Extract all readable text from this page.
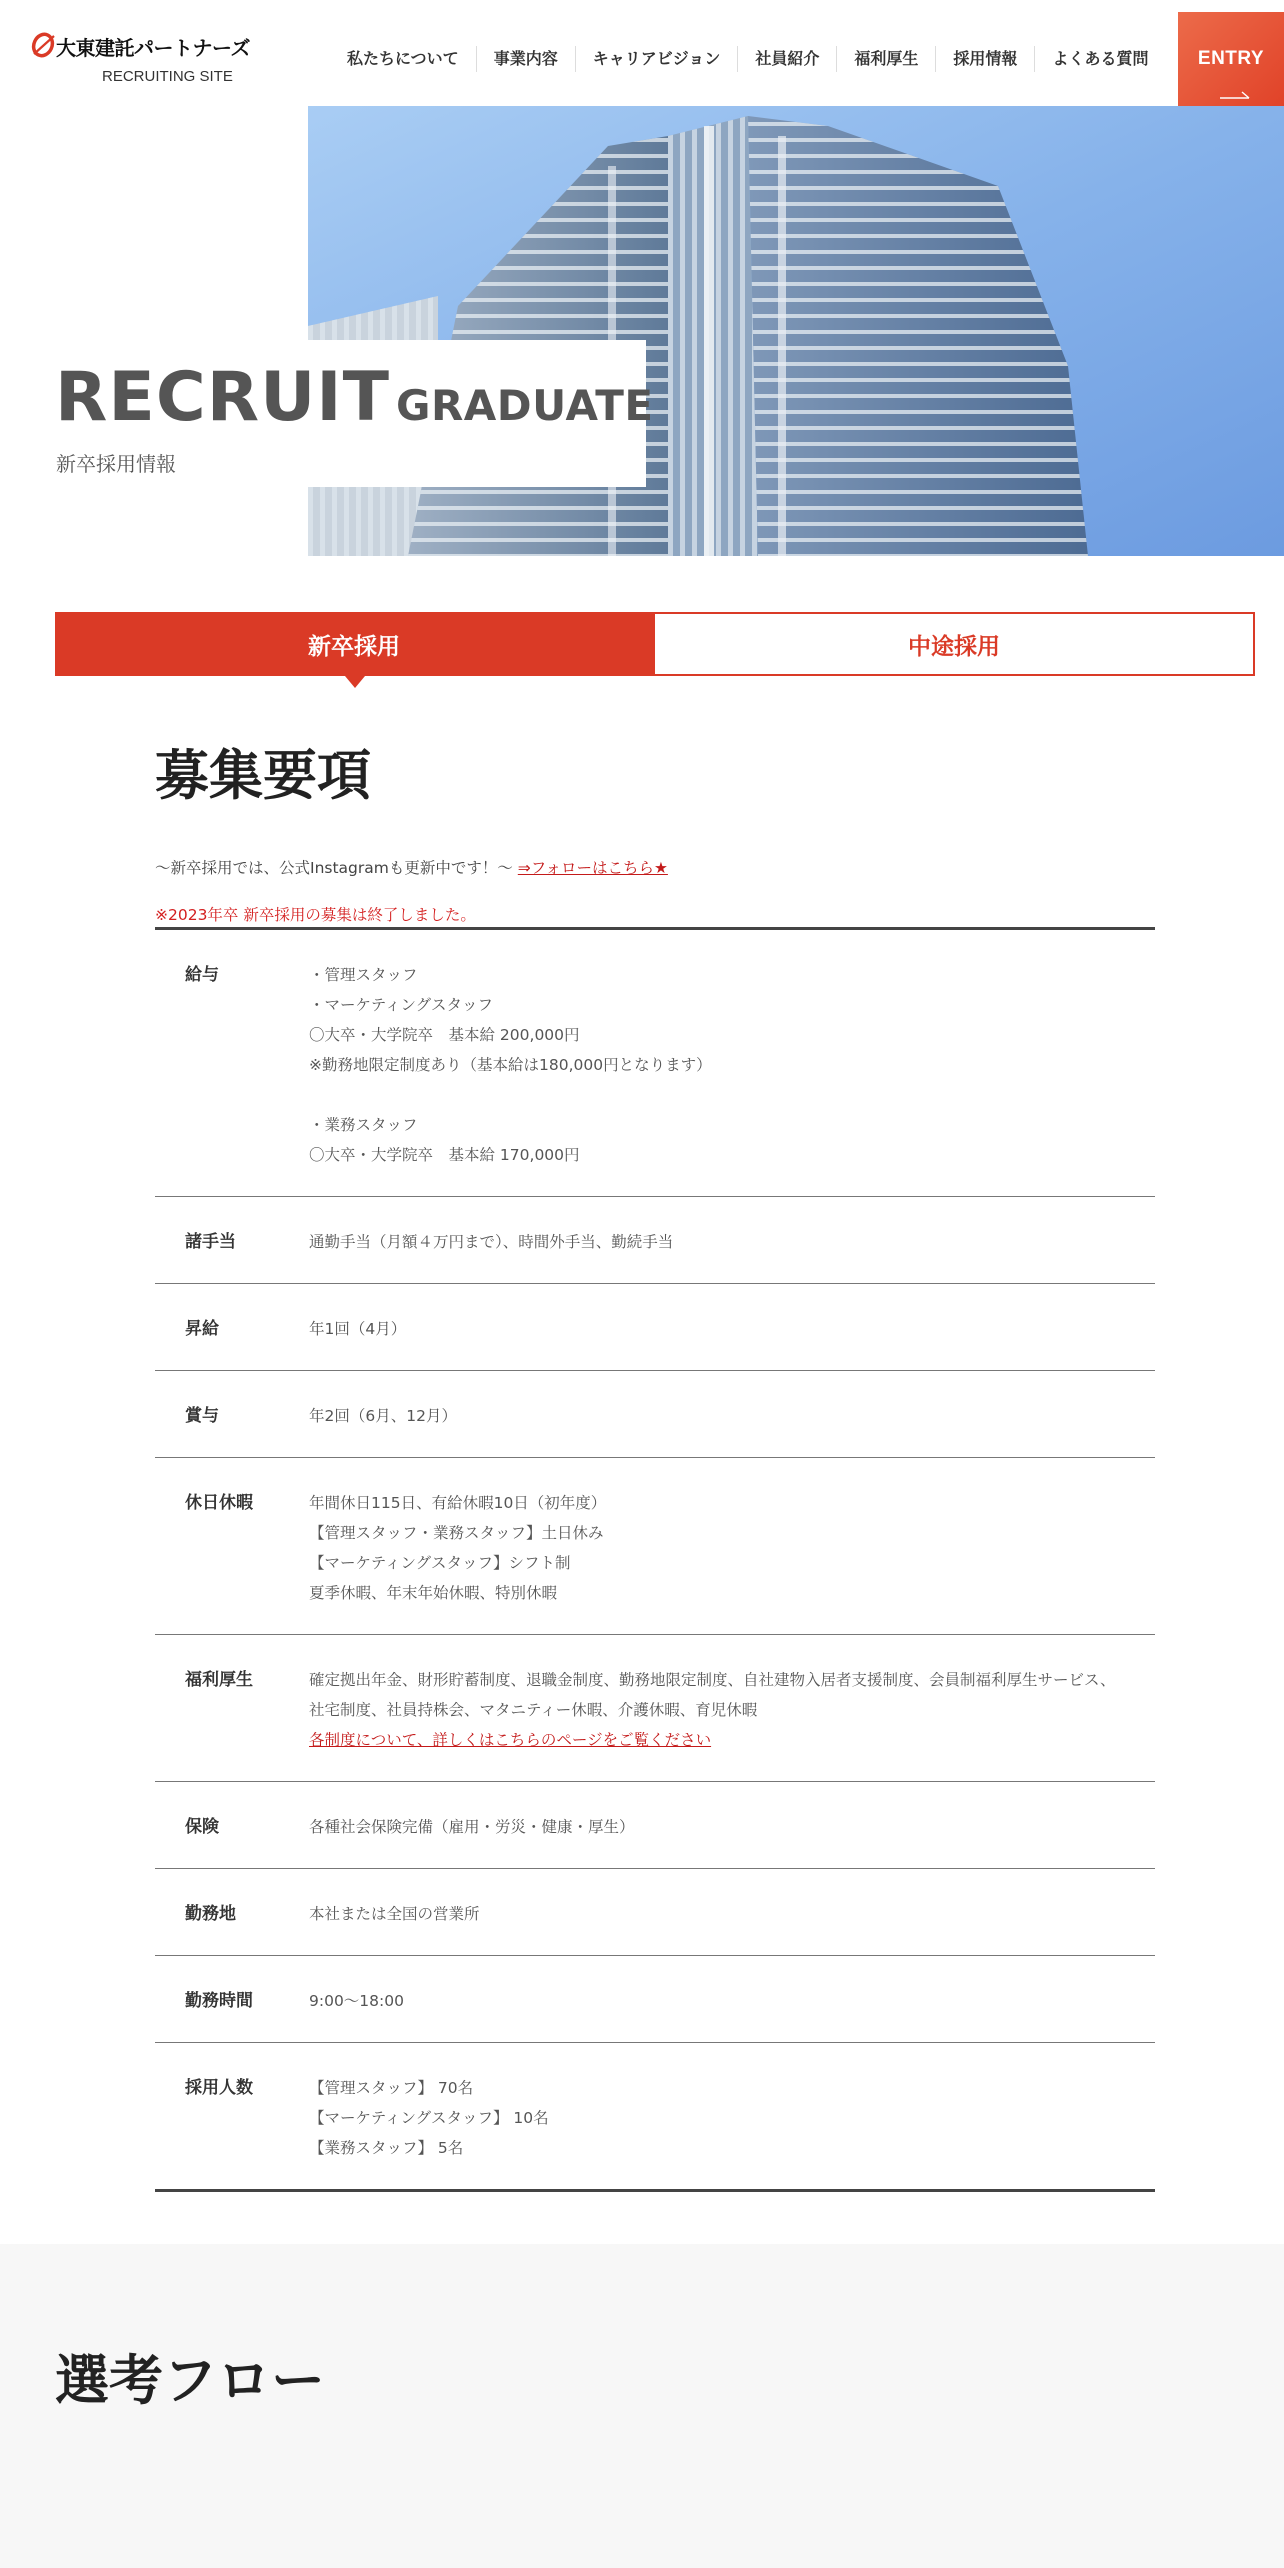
大東建託パートナーズ
RECRUITING SITE
私たちについて	事業内容	キャリアビジョン	社員紹介	福利厚生	採用情報	よくある質問	ENTRY
RECRUIT GRADUATE
新卒採用情報
新卒採用	中途採用
募集要項

～新卒採用では、公式Instagramも更新中です！～ ⇒フォローはこちら★

※2023年卒 新卒採用の募集は終了しました。

給与	・管理スタッフ
・マーケティングスタッフ
〇大卒・大学院卒　基本給 200,000円
※勤務地限定制度あり（基本給は180,000円となります）
・業務スタッフ
〇大卒・大学院卒　基本給 170,000円
諸手当	通勤手当（月額４万円まで）、時間外手当、勤続手当
昇給	年1回（4月）
賞与	年2回（6月、12月）
休日休暇	年間休日115日、有給休暇10日（初年度）
【管理スタッフ・業務スタッフ】土日休み
【マーケティングスタッフ】シフト制
夏季休暇、年末年始休暇、特別休暇
福利厚生	確定拠出年金、財形貯蓄制度、退職金制度、勤務地限定制度、自社建物入居者支援制度、会員制福利厚生サービス、 社宅制度、社員持株会、マタニティー休暇、介護休暇、育児休暇
各制度について、詳しくはこちらのページをご覧ください
保険	各種社会保険完備（雇用・労災・健康・厚生）
勤務地	本社または全国の営業所
勤務時間	9:00〜18:00
採用人数	【管理スタッフ】 70名
【マーケティングスタッフ】 10名
【業務スタッフ】 5名
選考フロー
